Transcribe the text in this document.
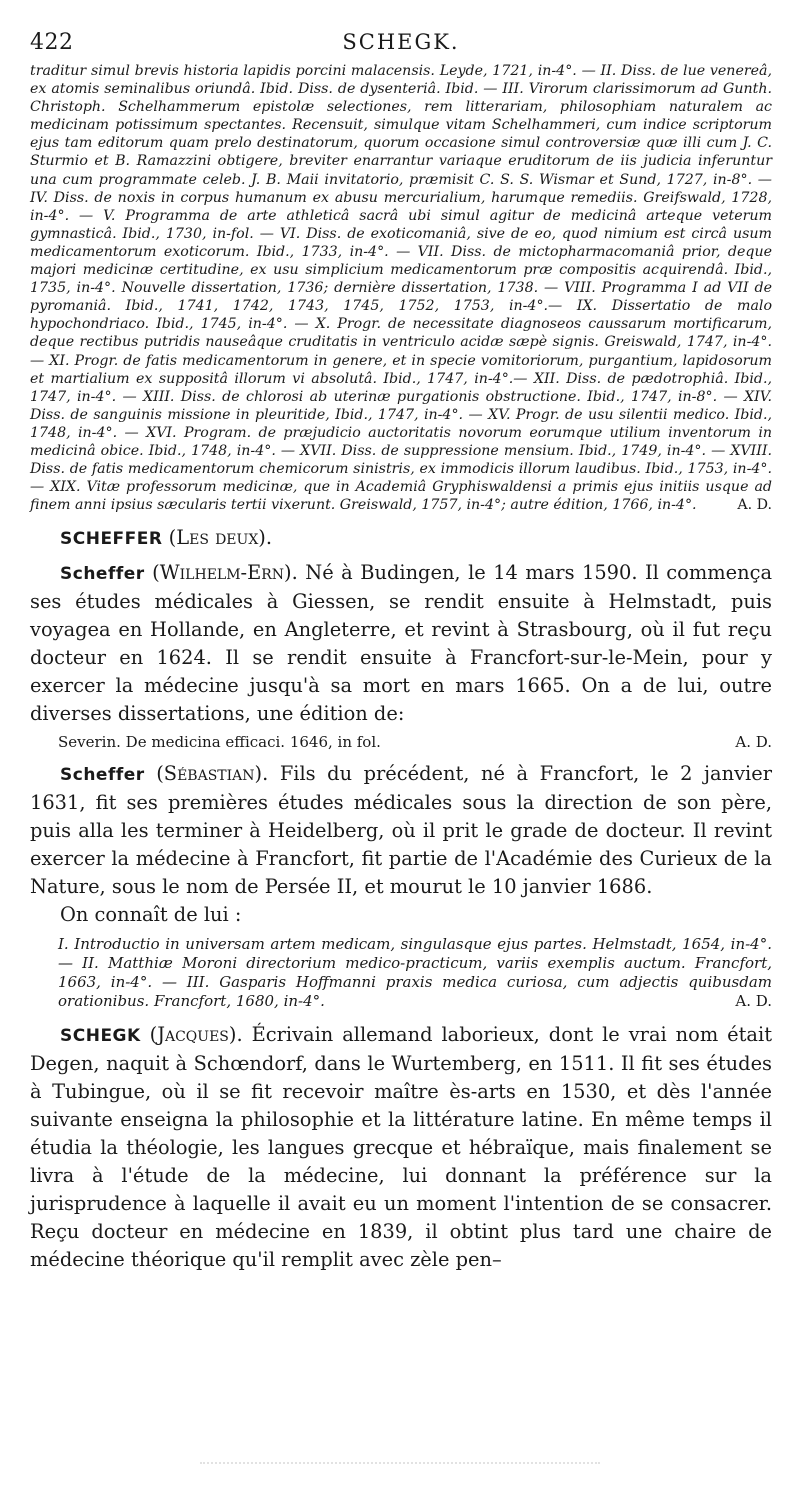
422	SCHEGK.

traditur simul brevis historia lapidis porcini malacensis. Leyde, 1721, in-4°. — II. Diss. de lue venereâ, ex atomis seminalibus oriundâ. Ibid. Diss. de dysenteriâ. Ibid. — III. Virorum clarissimorum ad Gunth. Christoph. Schelhammerum epistolæ selectiones, rem litterariam, philosophiam naturalem ac medicinam potissimum spectantes. Recensuit, simulque vitam Schelhammeri, cum indice scriptorum ejus tam editorum quam prelo destinatorum, quorum occasione simul controversiæ quæ illi cum J. C. Sturmio et B. Ramazzini obtigere, breviter enarrantur variaque eruditorum de iis judicia inferuntur una cum programmate celeb. J. B. Maii invitatorio, præmisit C. S. S. Wismar et Sund, 1727, in-8°. — IV. Diss. de noxis in corpus humanum ex abusu mercurialium, harumque remediis. Greifswald, 1728, in-4°. — V. Programma de arte athleticâ sacrâ ubi simul agitur de medicinâ arteque veterum gymnasticâ. Ibid., 1730, in-fol. — VI. Diss. de exoticomaniâ, sive de eo, quod nimium est circâ usum medicamentorum exoticorum. Ibid., 1733, in-4°. — VII. Diss. de mictopharmacomaniâ prior, deque majori medicinæ certitudine, ex usu simplicium medicamentorum præ compositis acquirendâ. Ibid., 1735, in-4°. Nouvelle dissertation, 1736; dernière dissertation, 1738. — VIII. Programma I ad VII de pyromaniâ. Ibid., 1741, 1742, 1743, 1745, 1752, 1753, in-4°.— IX. Dissertatio de malo hypochondriaco. Ibid., 1745, in-4°. — X. Progr. de necessitate diagnoseos caussarum mortificarum, deque rectibus putridis nauseâque cruditatis in ventriculo acidæ sæpè signis. Greiswald, 1747, in-4°. — XI. Progr. de fatis medicamentorum in genere, et in specie vomitoriorum, purgantium, lapidosorum et martialium ex suppositâ illorum vi absolutâ. Ibid., 1747, in-4°.— XII. Diss. de pædotrophiâ. Ibid., 1747, in-4°. — XIII. Diss. de chlorosi ab uterinæ purgationis obstructione. Ibid., 1747, in-8°. — XIV. Diss. de sanguinis missione in pleuritide, Ibid., 1747, in-4°. — XV. Progr. de usu silentii medico. Ibid., 1748, in-4°. — XVI. Program. de præjudicio auctoritatis novorum eorumque utilium inventorum in medicinâ obice. Ibid., 1748, in-4°. — XVII. Diss. de suppressione mensium. Ibid., 1749, in-4°. — XVIII. Diss. de fatis medicamentorum chemicorum sinistris, ex immodicis illorum laudibus. Ibid., 1753, in-4°. — XIX. Vitæ professorum medicinæ, que in Academiâ Gryphiswaldensi a primis ejus initiis usque ad finem anni ipsius sæcularis tertii vixerunt. Greiswald, 1757, in-4°; autre édition, 1766, in-4°.	A. D.

SCHEFFER (Les deux).

Scheffer (Wilhelm-Ern). Né à Budingen, le 14 mars 1590. Il commença ses études médicales à Giessen, se rendit ensuite à Helmstadt, puis voyagea en Hollande, en Angleterre, et revint à Strasbourg, où il fut reçu docteur en 1624. Il se rendit ensuite à Francfort-sur-le-Mein, pour y exercer la médecine jusqu'à sa mort en mars 1665. On a de lui, outre diverses dissertations, une édition de:

Severin. De medicina efficaci. 1646, in fol.	A. D.

Scheffer (Sébastian). Fils du précédent, né à Francfort, le 2 janvier 1631, fit ses premières études médicales sous la direction de son père, puis alla les terminer à Heidelberg, où il prit le grade de docteur. Il revint exercer la médecine à Francfort, fit partie de l'Académie des Curieux de la Nature, sous le nom de Persée II, et mourut le 10 janvier 1686.

On connaît de lui :

I. Introductio in universam artem medicam, singulasque ejus partes. Helmstadt, 1654, in-4°. — II. Matthiæ Moroni directorium medico-practicum, variis exemplis auctum. Francfort, 1663, in-4°. — III. Gasparis Hoffmanni praxis medica curiosa, cum adjectis quibusdam orationibus. Francfort, 1680, in-4°.	A. D.

SCHEGK (Jacques). Écrivain allemand laborieux, dont le vrai nom était Degen, naquit à Schœndorf, dans le Wurtemberg, en 1511. Il fit ses études à Tubingue, où il se fit recevoir maître ès-arts en 1530, et dès l'année suivante enseigna la philosophie et la littérature latine. En même temps il étudia la théologie, les langues grecque et hébraïque, mais finalement se livra à l'étude de la médecine, lui donnant la préférence sur la jurisprudence à laquelle il avait eu un moment l'intention de se consacrer. Reçu docteur en médecine en 1839, il obtint plus tard une chaire de médecine théorique qu'il remplit avec zèle pen–
